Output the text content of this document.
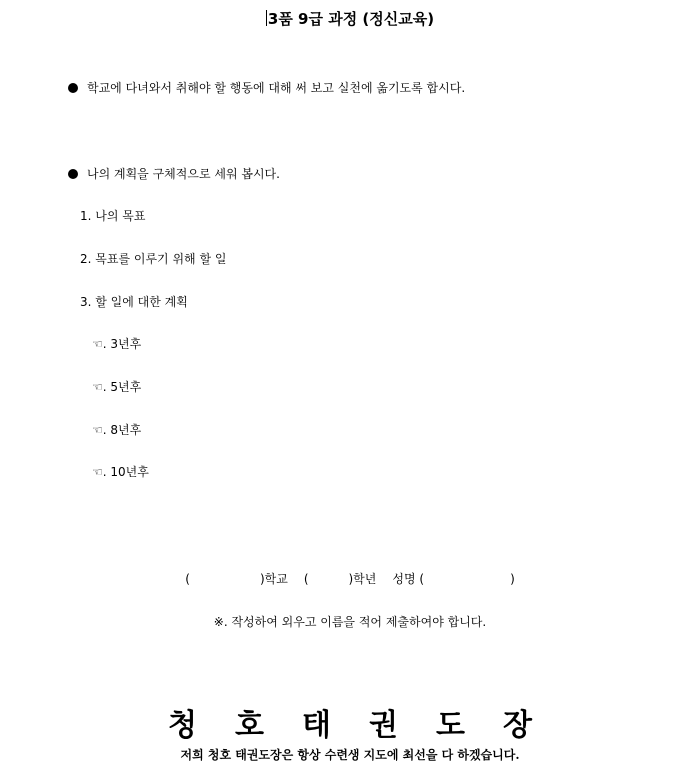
3품 9급 과정 (정신교육)
학교에 다녀와서 취해야 할 행동에 대해 써 보고 실천에 옮기도록 합시다.
나의 계획을 구체적으로 세워 봅시다.
1. 나의 목표
2. 목표를 이루기 위해 할 일
3. 할 일에 대한 계획
☞. 3년후
☞. 5년후
☞. 8년후
☞. 10년후
(	)학교 (	)학년 성명 (	)
※. 작성하여 외우고 이름을 적어 제출하여야 합니다.
청호태권도장
저희 청호 태권도장은 항상 수련생 지도에 최선을 다 하겠습니다.
